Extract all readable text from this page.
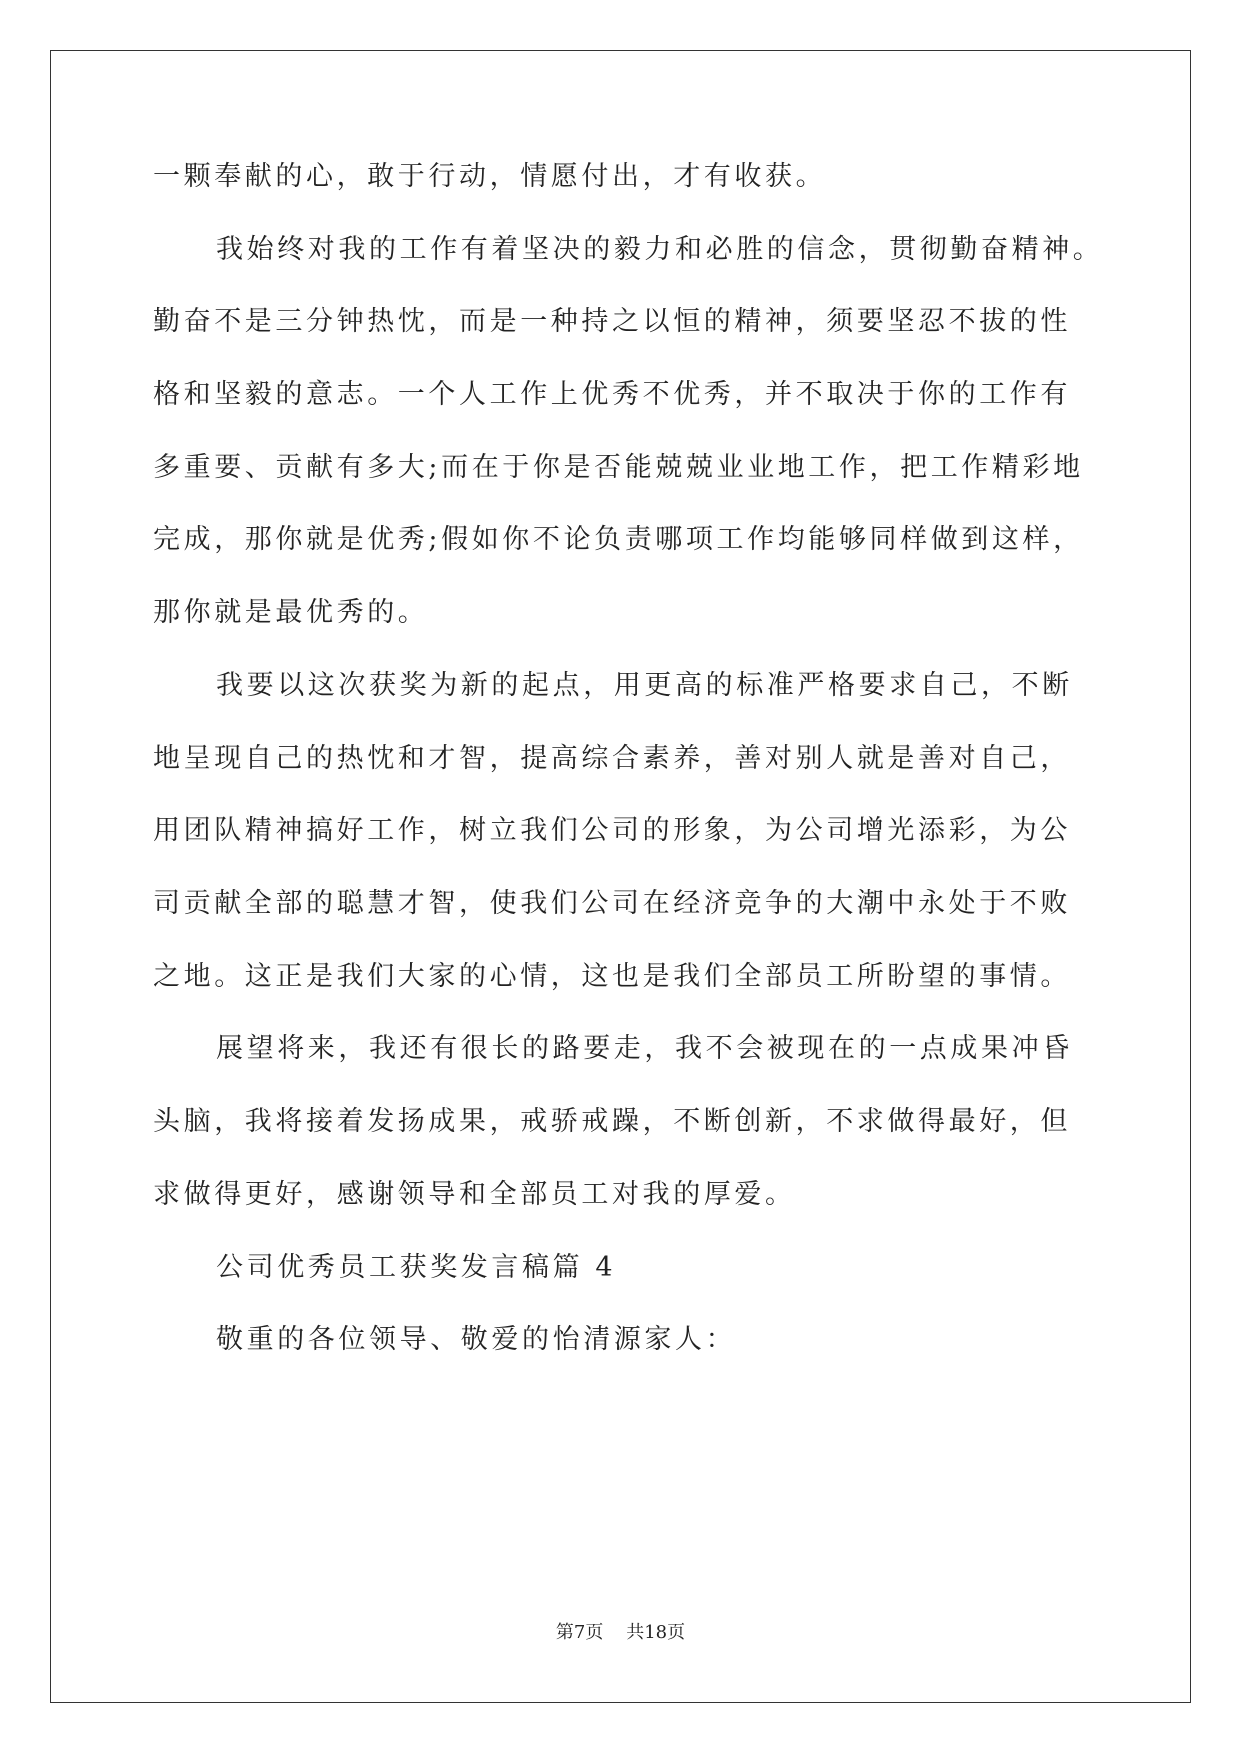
一颗奉献的心，敢于行动，情愿付出，才有收获。
我始终对我的工作有着坚决的毅力和必胜的信念，贯彻勤奋精神。
勤奋不是三分钟热忱，而是一种持之以恒的精神，须要坚忍不拔的性
格和坚毅的意志。一个人工作上优秀不优秀，并不取决于你的工作有
多重要、贡献有多大;而在于你是否能兢兢业业地工作，把工作精彩地
完成，那你就是优秀;假如你不论负责哪项工作均能够同样做到这样，
那你就是最优秀的。
我要以这次获奖为新的起点，用更高的标准严格要求自己，不断
地呈现自己的热忱和才智，提高综合素养，善对别人就是善对自己，
用团队精神搞好工作，树立我们公司的形象，为公司增光添彩，为公
司贡献全部的聪慧才智，使我们公司在经济竞争的大潮中永处于不败
之地。这正是我们大家的心情，这也是我们全部员工所盼望的事情。
展望将来，我还有很长的路要走，我不会被现在的一点成果冲昏
头脑，我将接着发扬成果，戒骄戒躁，不断创新，不求做得最好，但
求做得更好，感谢领导和全部员工对我的厚爱。
公司优秀员工获奖发言稿篇 4
敬重的各位领导、敬爱的怡清源家人：
第7页    共18页
